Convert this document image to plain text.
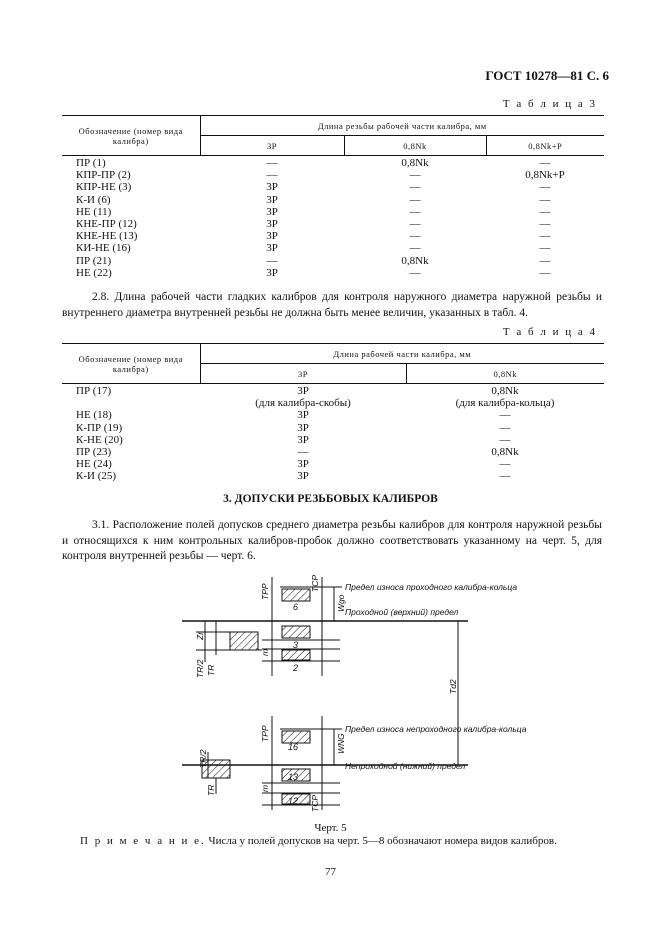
ГОСТ 10278—81 С. 6
Т а б л и ц а 3
Обозначение (номер вида калибра)	Длина резьбы рабочей части калибра, мм		
	3P	0,8Nk	0,8Nk+P
ПР (1)	—	0,8Nk	—
КПР-ПР (2)	—	—	0,8Nk+P
КПР-НЕ (3)	3P	—	—
К-И (6)	3P	—	—
НЕ (11)	3P	—	—
КНЕ-ПР (12)	3P	—	—
КНЕ-НЕ (13)	3P	—	—
КИ-НЕ (16)	3P	—	—
ПР (21)	—	0,8Nk	—
НЕ (22)	3P	—	—
2.8. Длина рабочей части гладких калибров для контроля наружного диаметра наружной резьбы и внутреннего диаметра внутренней резьбы не должна быть менее величин, указанных в табл. 4.
Т а б л и ц а 4
Обозначение (номер вида калибра)	Длина рабочей части калибра, мм	
	3P	0,8Nk
ПР (17)	3P	0,8Nk
	(для калибра-скобы)	(для калибра-кольца)
НЕ (18)	3P	—
К-ПР (19)	3P	—
К-НЕ (20)	3P	—
ПР (23)	—	0,8Nk
НЕ (24)	3P	—
К-И (25)	3P	—
3. ДОПУСКИ РЕЗЬБОВЫХ КАЛИБРОВ
3.1. Расположение полей допусков среднего диаметра резьбы калибров для контроля наружной резьбы и относящихся к ним контрольных калибров-пробок должно соответствовать указанному на черт. 5, для контроля внутренней резьбы — черт. 6.
Предел износа проходного калибра-кольца
Проходной (верхний) предел
Предел износа непроходного калибра-кольца
Непроходной (нижний) предел
6
3
2
16
13
12
TPP	TCP
Wgo
Zr
TR/2 TR
m
Td2
WNG
TR/2
TR	m
TPP
TCP
Черт. 5
П р и м е ч а н и е. Числа у полей допусков на черт. 5—8 обозначают номера видов калибров.
77
